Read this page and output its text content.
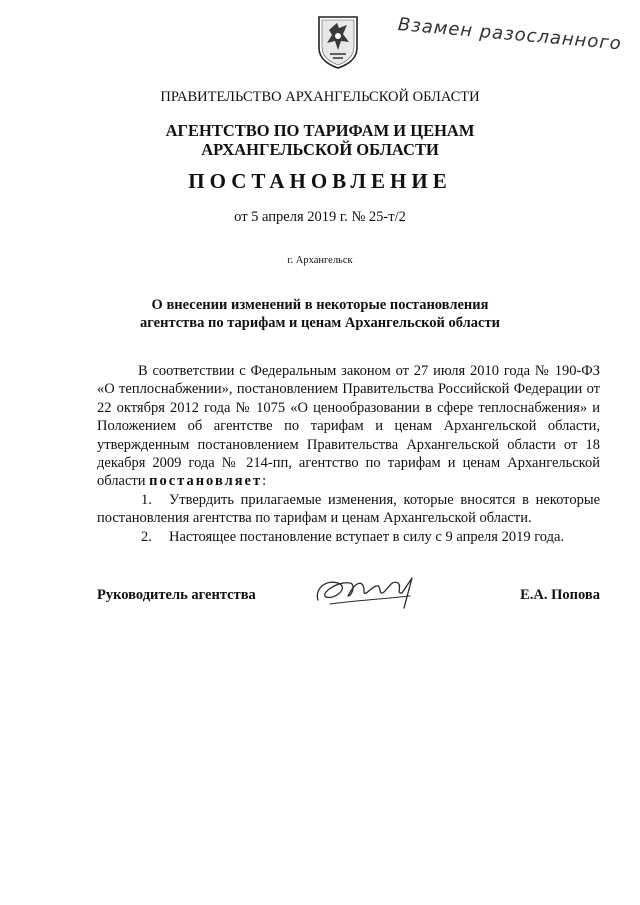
Взамен разосланного
ПРАВИТЕЛЬСТВО АРХАНГЕЛЬСКОЙ ОБЛАСТИ
АГЕНТСТВО ПО ТАРИФАМ И ЦЕНАМ
АРХАНГЕЛЬСКОЙ ОБЛАСТИ
ПОСТАНОВЛЕНИЕ
от 5 апреля 2019 г. № 25-т/2
г. Архангельск
О внесении изменений в некоторые постановления
агентства по тарифам и ценам Архангельской области

В соответствии с Федеральным законом от 27 июля 2010 года № 190-ФЗ «О теплоснабжении», постановлением Правительства Российской Федерации от 22 октября 2012 года № 1075 «О ценообразовании в сфере теплоснабжения» и Положением об агентстве по тарифам и ценам Архангельской области, утвержденным постановлением Правительства Архангельской области от 18 декабря 2009 года № 214-пп, агентство по тарифам и ценам Архангельской области постановляет:

1. Утвердить прилагаемые изменения, которые вносятся в некоторые постановления агентства по тарифам и ценам Архангельской области.

2. Настоящее постановление вступает в силу с 9 апреля 2019 года.

Руководитель агентства	Е.А. Попова
